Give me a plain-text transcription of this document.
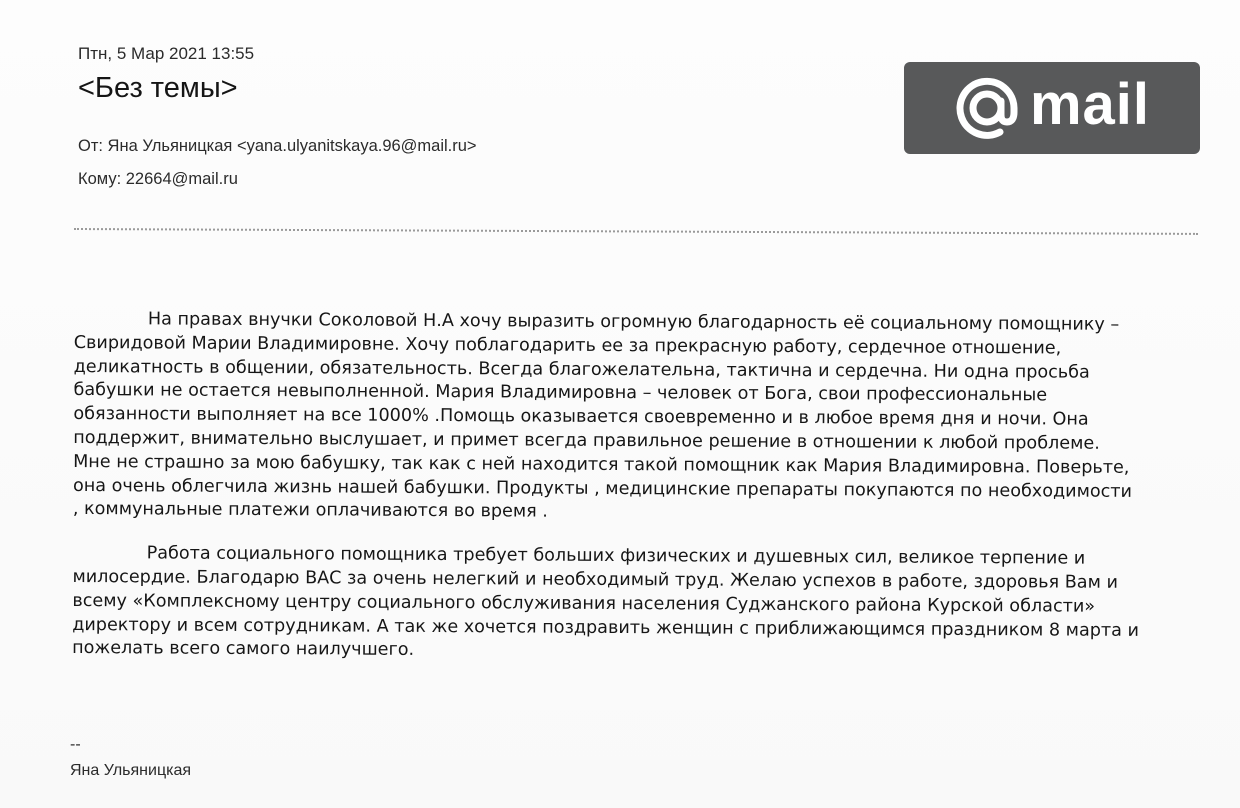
Птн, 5 Мар 2021 13:55
<Без темы>
От: Яна Ульяницкая <yana.ulyanitskaya.96@mail.ru>
Кому: 22664@mail.ru
mail

На правах внучки Соколовой Н.А хочу выразить огромную благодарность её социальному помощнику –
Свиридовой Марии Владимировне. Хочу поблагодарить ее за прекрасную работу, сердечное отношение,
деликатность в общении, обязательность. Всегда благожелательна, тактична и сердечна. Ни одна просьба
бабушки не остается невыполненной. Мария Владимировна – человек от Бога, свои профессиональные
обязанности выполняет на все 1000% .Помощь оказывается своевременно и в любое время дня и ночи. Она
поддержит, внимательно выслушает, и примет всегда правильное решение в отношении к любой проблеме.
Мне не страшно за мою бабушку, так как с ней находится такой помощник как Мария Владимировна. Поверьте,
она очень облегчила жизнь нашей бабушки. Продукты , медицинские препараты покупаются по необходимости
, коммунальные платежи оплачиваются во время .

Работа социального помощника требует больших физических и душевных сил, великое терпение и
милосердие. Благодарю ВАС за очень нелегкий и необходимый труд. Желаю успехов в работе, здоровья Вам и
всему «Комплексному центру социального обслуживания населения Суджанского района Курской области»
директору и всем сотрудникам. А так же хочется поздравить женщин с приближающимся праздником 8 марта и
пожелать всего самого наилучшего.

--
Яна Ульяницкая
